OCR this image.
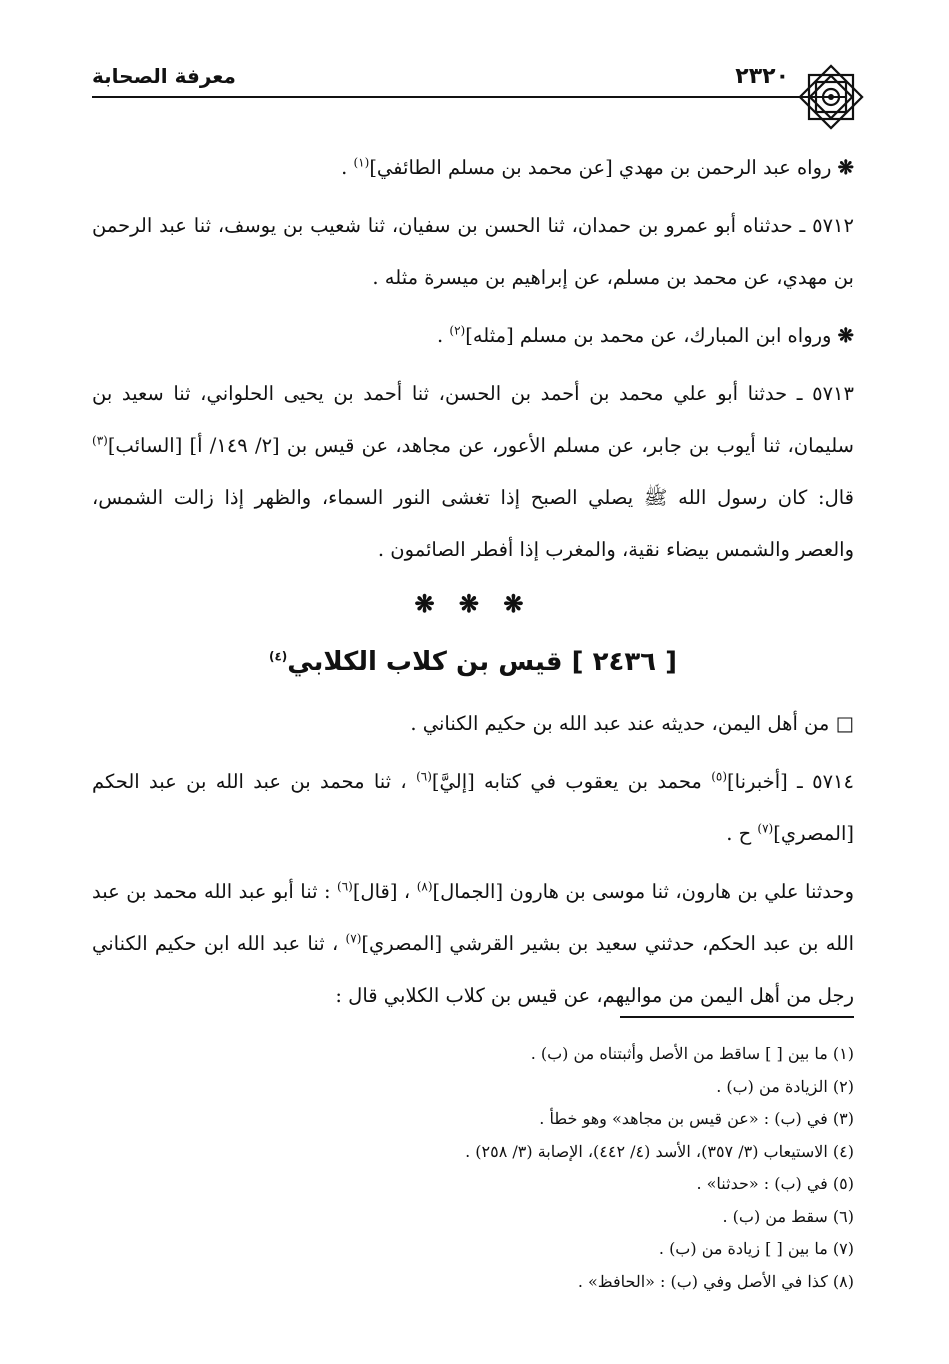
معرفة الصحابة	٢٣٢٠

❋ رواه عبد الرحمن بن مهدي [عن محمد بن مسلم الطائفي]$^{(١)}$ .

٥٧١٢ ـ حدثناه أبو عمرو بن حمدان، ثنا الحسن بن سفيان، ثنا شعيب بن يوسف، ثنا عبد الرحمن بن مهدي، عن محمد بن مسلم، عن إبراهيم بن ميسرة مثله .

❋ ورواه ابن المبارك، عن محمد بن مسلم [مثله]$^{(٢)}$ .

٥٧١٣ ـ حدثنا أبو علي محمد بن أحمد بن الحسن، ثنا أحمد بن يحيى الحلواني، ثنا سعيد بن سليمان، ثنا أيوب بن جابر، عن مسلم الأعور، عن مجاهد، عن قيس بن [٢/ ١٤٩/ أ] [السائب]$^{(٣)}$ قال: كان رسول الله ﷺ يصلي الصبح إذا تغشى النور السماء، والظهر إذا زالت الشمس، والعصر والشمس بيضاء نقية، والمغرب إذا أفطر الصائمون .

❋ ❋ ❋

[ ٢٤٣٦ ] قيس بن كلاب الكلابي$^{(٤)}$

□ من أهل اليمن، حديثه عند عبد الله بن حكيم الكناني .

٥٧١٤ ـ [أخبرنا]$^{(٥)}$ محمد بن يعقوب في كتابه [إليَّ]$^{(٦)}$ ، ثنا محمد بن عبد الله بن عبد الحكم [المصري]$^{(٧)}$ ح .

وحدثنا علي بن هارون، ثنا موسى بن هارون [الجمال]$^{(٨)}$ ، [قال]$^{(٦)}$ : ثنا أبو عبد الله محمد بن عبد الله بن عبد الحكم، حدثني سعيد بن بشير القرشي [المصري]$^{(٧)}$ ، ثنا عبد الله ابن حكيم الكناني رجل من أهل اليمن من مواليهم، عن قيس بن كلاب الكلابي قال :

(١) ما بين [ ] ساقط من الأصل وأثبتناه من (ب) .

(٢) الزيادة من (ب) .

(٣) في (ب) : «عن قيس بن مجاهد» وهو خطأ .

(٤) الاستيعاب (٣/ ٣٥٧)، الأسد (٤/ ٤٤٢)، الإصابة (٣/ ٢٥٨) .

(٥) في (ب) : «حدثنا» .

(٦) سقط من (ب) .

(٧) ما بين [ ] زيادة من (ب) .

(٨) كذا في الأصل وفي (ب) : «الحافظ» .
